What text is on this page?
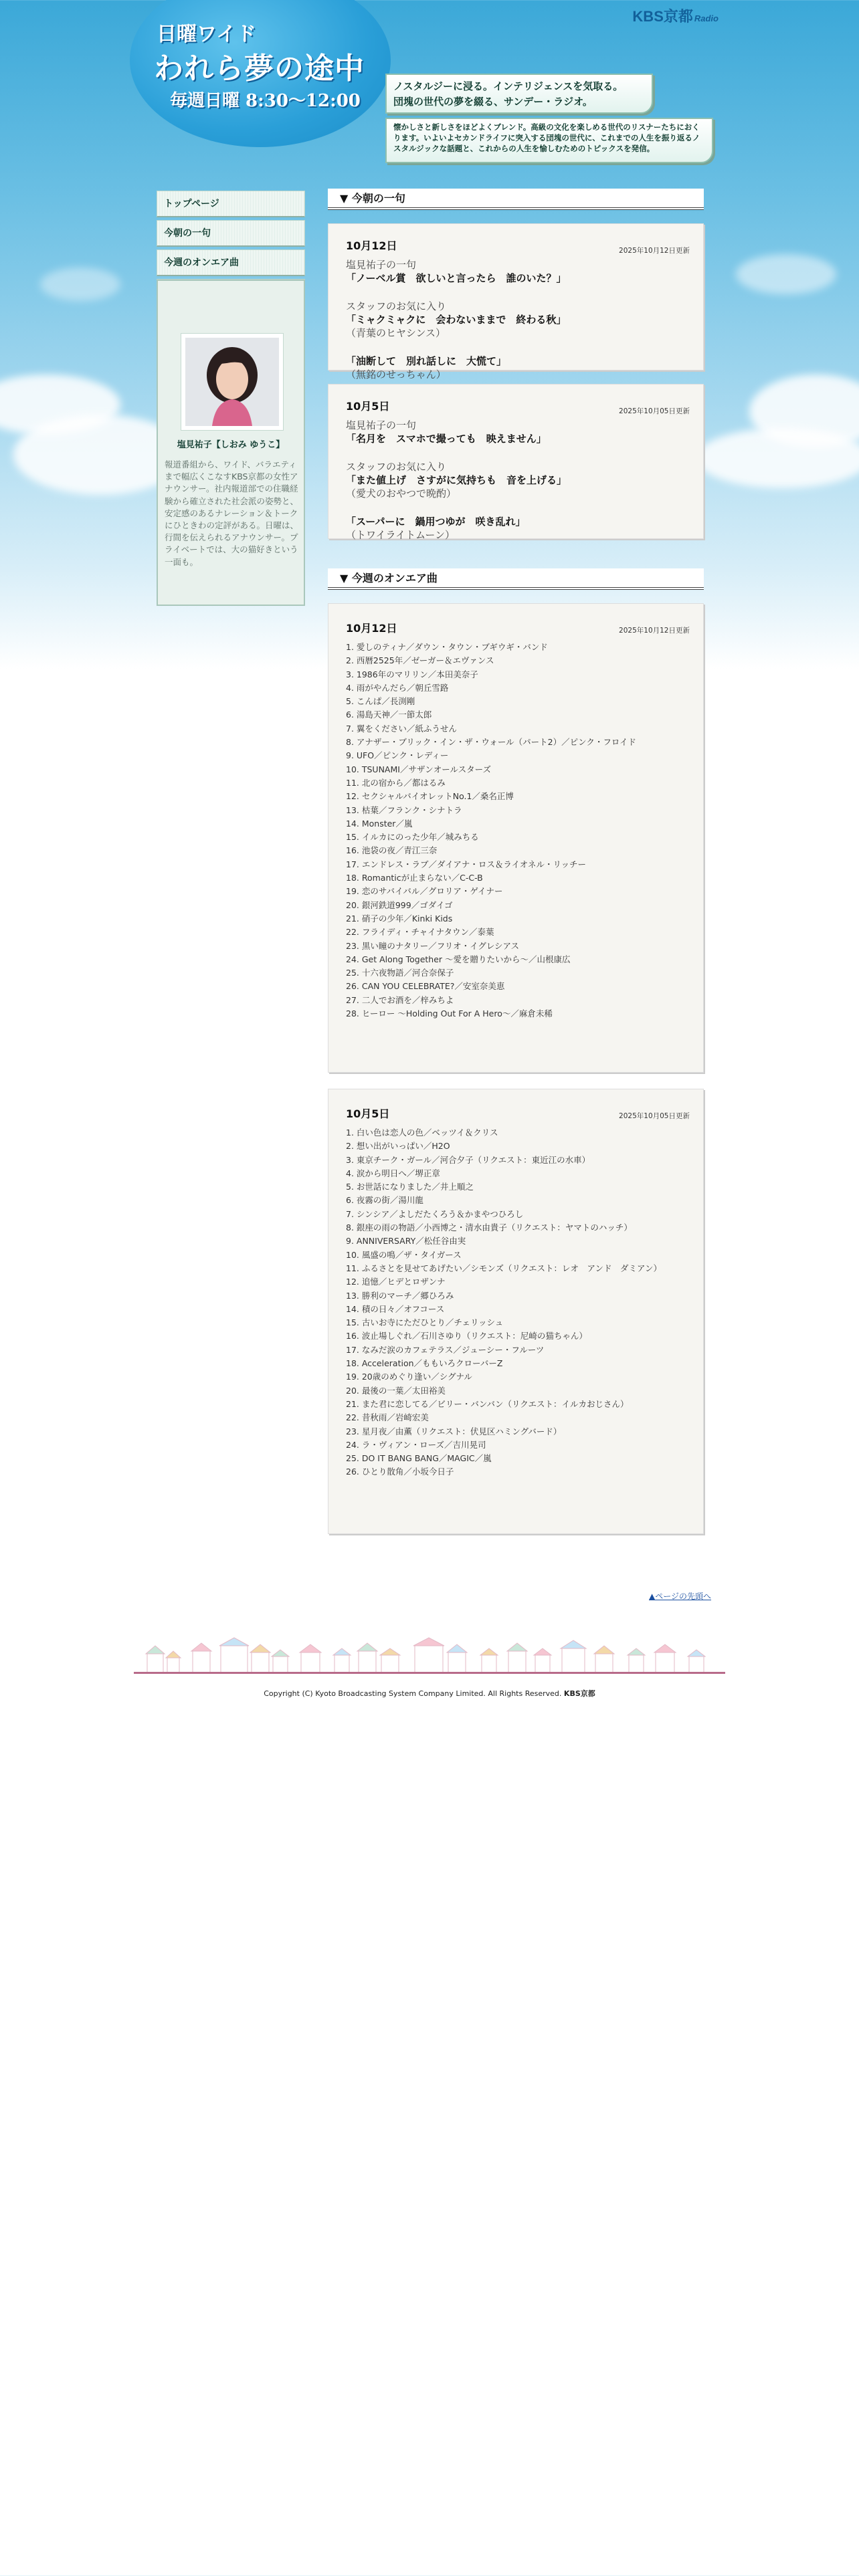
日曜ワイド
われら夢の途中
毎週日曜 8:30〜12:00
KBS京都 Radio
ノスタルジーに浸る。インテリジェンスを気取る。
団塊の世代の夢を綴る、サンデー・ラジオ。
懐かしさと新しさをほどよくブレンド。高級の文化を楽しめる世代のリスナーたちにおくります。いよいよセカンドライフに突入する団塊の世代に、これまでの人生を振り返るノスタルジックな話題と、これからの人生を愉しむためのトピックスを発信。
トップページ
今朝の一句
今週のオンエア曲
塩見祐子【しおみ ゆうこ】
報道番組から、ワイド、バラエティまで幅広くこなすKBS京都の女性アナウンサー。社内報道部での住職経験から確立された社会派の姿勢と、安定感のあるナレーション＆トークにひときわの定評がある。日曜は、行間を伝えられるアナウンサー。プライベートでは、大の猫好きという一面も。
▼ 今朝の一句
10月12日	2025年10月12日更新
塩見祐子の一句
「ノーベル賞　欲しいと言ったら　誰のいた？」
スタッフのお気に入り
「ミャクミャクに　会わないままで　終わる秋」
（青葉のヒヤシンス）
「油断して　別れ話しに　大慌て」
（無銘のせっちゃん）
10月5日	2025年10月05日更新
塩見祐子の一句
「名月を　スマホで撮っても　映えません」
スタッフのお気に入り
「また値上げ　さすがに気持ちも　音を上げる」
（愛犬のおやつで晩酌）
「スーパーに　鍋用つゆが　咲き乱れ」
（トワイライトムーン）
▼ 今週のオンエア曲
10月12日	2025年10月12日更新
1. 愛しのティナ／ダウン・タウン・ブギウギ・バンド
2. 西暦2525年／ゼーガー＆エヴァンス
3. 1986年のマリリン／本田美奈子
4. 雨がやんだら／朝丘雪路
5. こんぱ／長渕剛
6. 湯島天神／一節太郎
7. 翼をください／紙ふうせん
8. アナザー・ブリック・イン・ザ・ウォール（パート2）／ピンク・フロイド
9. UFO／ピンク・レディー
10. TSUNAMI／サザンオールスターズ
11. 北の宿から／都はるみ
12. セクシャルバイオレットNo.1／桑名正博
13. 枯葉／フランク・シナトラ
14. Monster／嵐
15. イルカにのった少年／城みちる
16. 池袋の夜／青江三奈
17. エンドレス・ラブ／ダイアナ・ロス＆ライオネル・リッチー
18. Romanticが止まらない／C-C-B
19. 恋のサバイバル／グロリア・ゲイナー
20. 銀河鉄道999／ゴダイゴ
21. 硝子の少年／Kinki Kids
22. フライディ・チャイナタウン／泰葉
23. 黒い瞳のナタリー／フリオ・イグレシアス
24. Get Along Together 〜愛を贈りたいから〜／山根康広
25. 十六夜物語／河合奈保子
26. CAN YOU CELEBRATE?／安室奈美恵
27. 二人でお酒を／梓みちよ
28. ヒーロー 〜Holding Out For A Hero〜／麻倉未稀
10月5日	2025年10月05日更新
1. 白い色は恋人の色／ベッツイ＆クリス
2. 想い出がいっぱい／H2O
3. 東京チーク・ガール／河合夕子（リクエスト：東近江の水車）
4. 涙から明日へ／堺正章
5. お世話になりました／井上順之
6. 夜霧の街／湯川龍
7. シンシア／よしだたくろう＆かまやつひろし
8. 銀座の雨の物語／小西博之・清水由貴子（リクエスト：ヤマトのハッチ）
9. ANNIVERSARY／松任谷由実
10. 風盛の鳴／ザ・タイガース
11. ふるさとを見せてあげたい／シモンズ（リクエスト：レオ　アンド　ダミアン）
12. 追憶／ヒデとロザンナ
13. 勝利のマーチ／郷ひろみ
14. 積の日々／オフコース
15. 古いお寺にただひとり／チェリッシュ
16. 波止場しぐれ／石川さゆり（リクエスト：尼崎の猫ちゃん）
17. なみだ涙のカフェテラス／ジューシー・フルーツ
18. Acceleration／ももいろクローバーZ
19. 20歳のめぐり逢い／シグナル
20. 最後の一葉／太田裕美
21. また君に恋してる／ビリー・バンバン（リクエスト：イルカおじさん）
22. 昔秋雨／岩崎宏美
23. 星月夜／由薫（リクエスト：伏見区ハミングバード）
24. ラ・ヴィアン・ローズ／吉川晃司
25. DO IT BANG BANG／MAGIC／嵐
26. ひとり散角／小坂今日子
▲ページの先頭へ
Copyright (C) Kyoto Broadcasting System Company Limited. All Rights Reserved. KBS京都
